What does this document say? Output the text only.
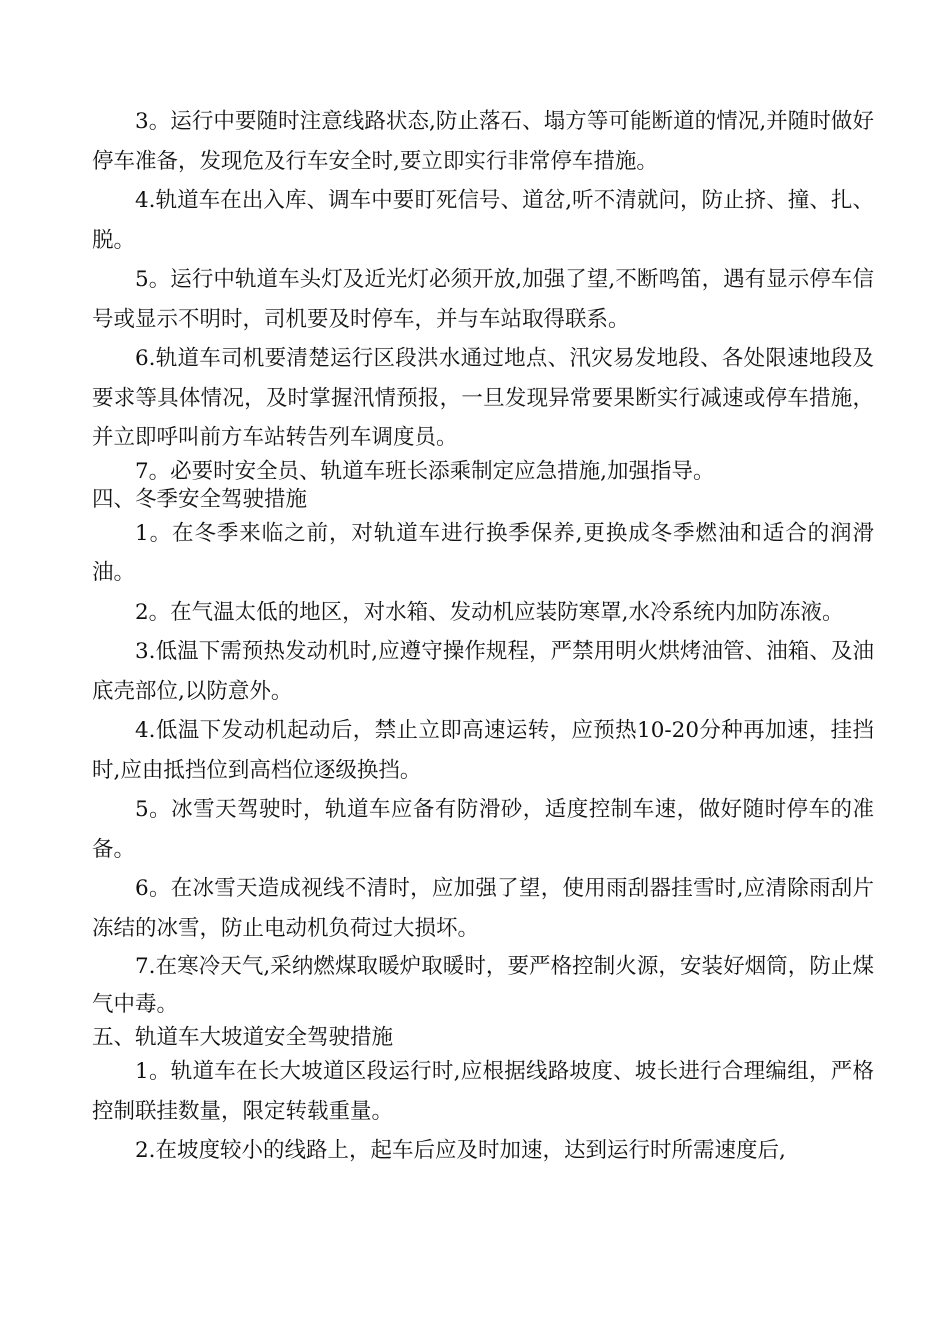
3。运行中要随时注意线路状态,防止落石、塌方等可能断道的情况,并随时做好停车准备，发现危及行车安全时,要立即实行非常停车措施。

4.轨道车在出入库、调车中要盯死信号、道岔,听不清就问，防止挤、撞、扎、脱。

5。运行中轨道车头灯及近光灯必须开放,加强了望,不断鸣笛，遇有显示停车信号或显示不明时，司机要及时停车，并与车站取得联系。

6.轨道车司机要清楚运行区段洪水通过地点、汛灾易发地段、各处限速地段及要求等具体情况，及时掌握汛情预报，一旦发现异常要果断实行减速或停车措施，并立即呼叫前方车站转告列车调度员。

7。必要时安全员、轨道车班长添乘制定应急措施,加强指导。

四、冬季安全驾驶措施

1。在冬季来临之前，对轨道车进行换季保养,更换成冬季燃油和适合的润滑油。

2。在气温太低的地区，对水箱、发动机应装防寒罩,水冷系统内加防冻液。

3.低温下需预热发动机时,应遵守操作规程，严禁用明火烘烤油管、油箱、及油底壳部位,以防意外。

4.低温下发动机起动后，禁止立即高速运转，应预热10-20分种再加速，挂挡时,应由抵挡位到高档位逐级换挡。

5。冰雪天驾驶时，轨道车应备有防滑砂，适度控制车速，做好随时停车的准备。

6。在冰雪天造成视线不清时，应加强了望，使用雨刮器挂雪时,应清除雨刮片冻结的冰雪，防止电动机负荷过大损坏。

7.在寒冷天气,采纳燃煤取暖炉取暖时，要严格控制火源，安装好烟筒，防止煤气中毒。

五、轨道车大坡道安全驾驶措施

1。轨道车在长大坡道区段运行时,应根据线路坡度、坡长进行合理编组，严格控制联挂数量，限定转载重量。

2.在坡度较小的线路上，起车后应及时加速，达到运行时所需速度后,
